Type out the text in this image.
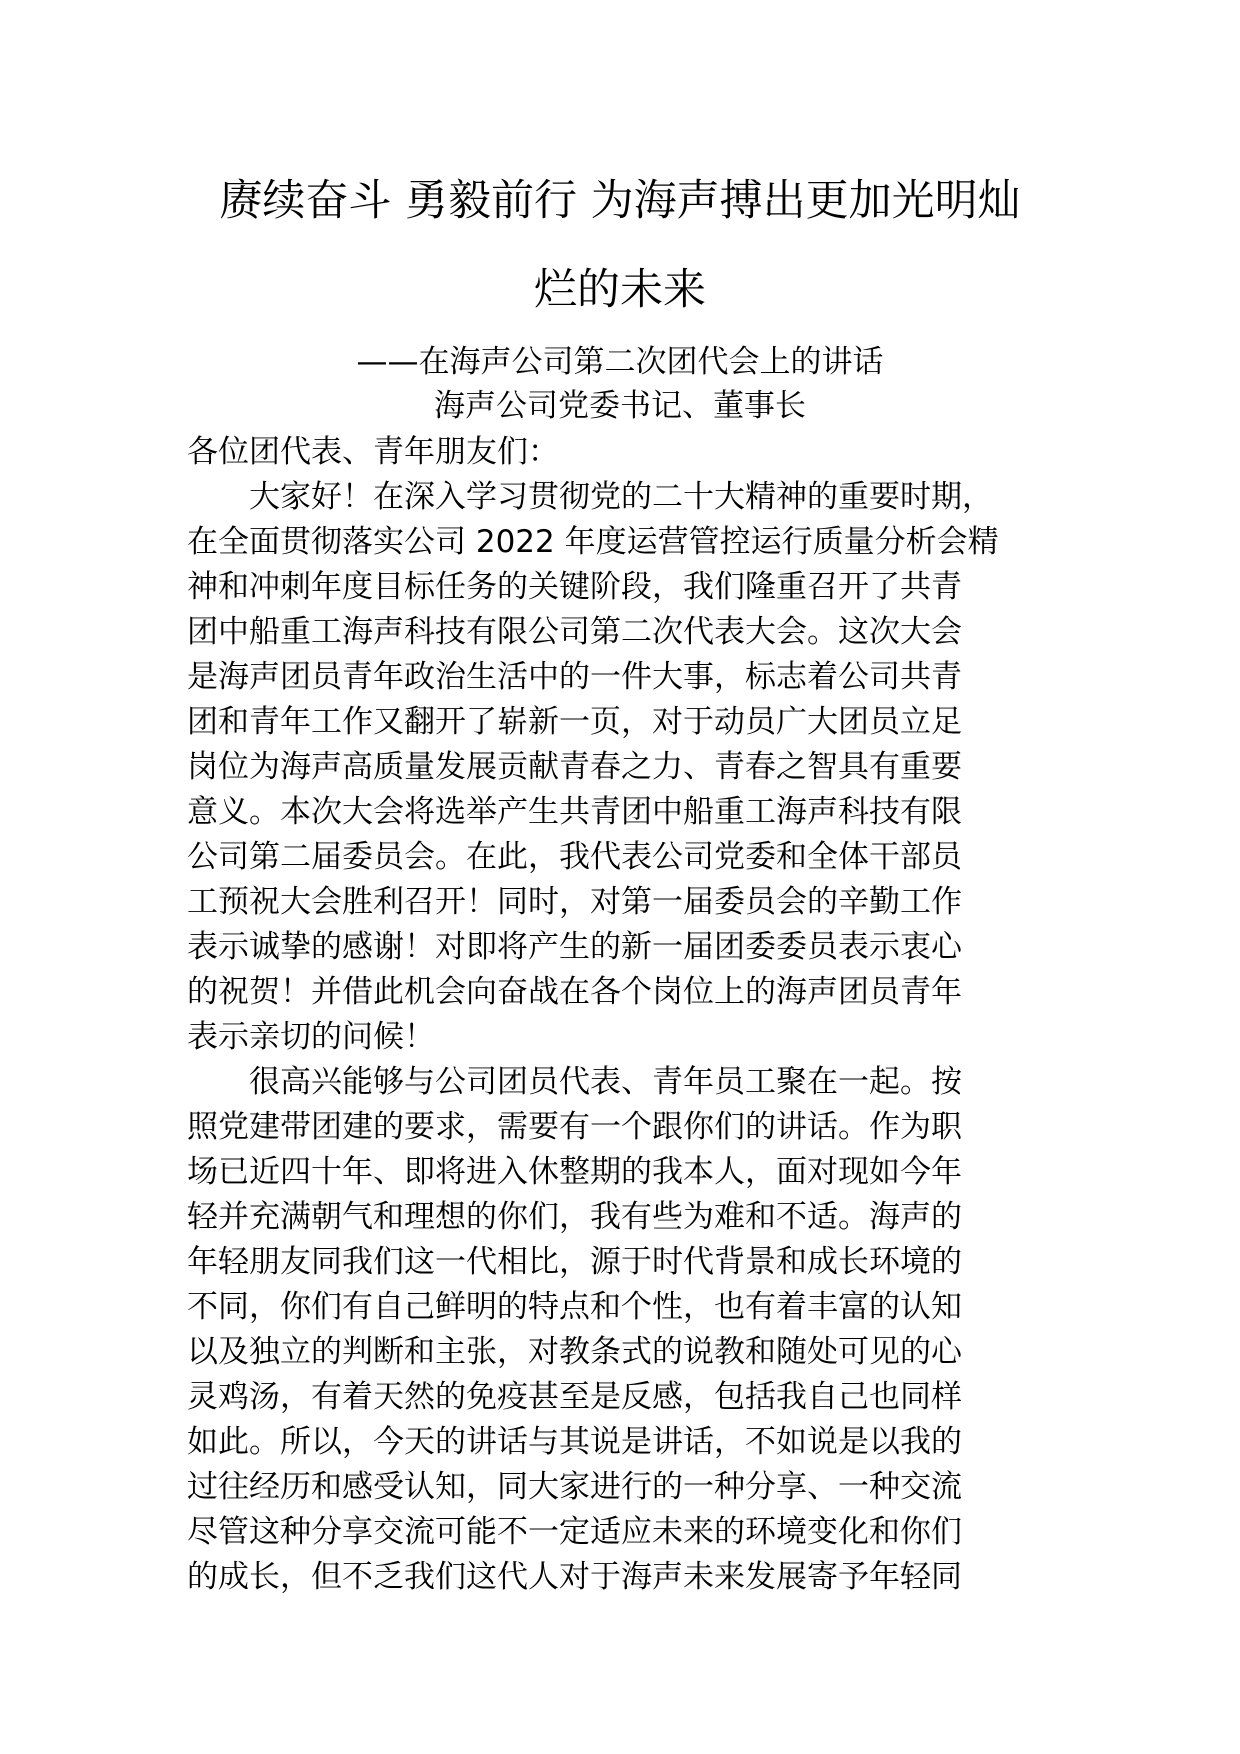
赓续奋斗 勇毅前行 为海声搏出更加光明灿
烂的未来
——在海声公司第二次团代会上的讲话
海声公司党委书记、董事长
各位团代表、青年朋友们：
　　大家好！在深入学习贯彻党的二十大精神的重要时期，
在全面贯彻落实公司 2022 年度运营管控运行质量分析会精
神和冲刺年度目标任务的关键阶段，我们隆重召开了共青
团中船重工海声科技有限公司第二次代表大会。这次大会
是海声团员青年政治生活中的一件大事，标志着公司共青
团和青年工作又翻开了崭新一页，对于动员广大团员立足
岗位为海声高质量发展贡献青春之力、青春之智具有重要
意义。本次大会将选举产生共青团中船重工海声科技有限
公司第二届委员会。在此，我代表公司党委和全体干部员
工预祝大会胜利召开！同时，对第一届委员会的辛勤工作
表示诚挚的感谢！对即将产生的新一届团委委员表示衷心
的祝贺！并借此机会向奋战在各个岗位上的海声团员青年
表示亲切的问候！
　　很高兴能够与公司团员代表、青年员工聚在一起。按
照党建带团建的要求，需要有一个跟你们的讲话。作为职
场已近四十年、即将进入休整期的我本人，面对现如今年
轻并充满朝气和理想的你们，我有些为难和不适。海声的
年轻朋友同我们这一代相比，源于时代背景和成长环境的
不同，你们有自己鲜明的特点和个性，也有着丰富的认知
以及独立的判断和主张，对教条式的说教和随处可见的心
灵鸡汤，有着天然的免疫甚至是反感，包括我自己也同样
如此。所以，今天的讲话与其说是讲话，不如说是以我的
过往经历和感受认知，同大家进行的一种分享、一种交流
尽管这种分享交流可能不一定适应未来的环境变化和你们
的成长，但不乏我们这代人对于海声未来发展寄予年轻同
